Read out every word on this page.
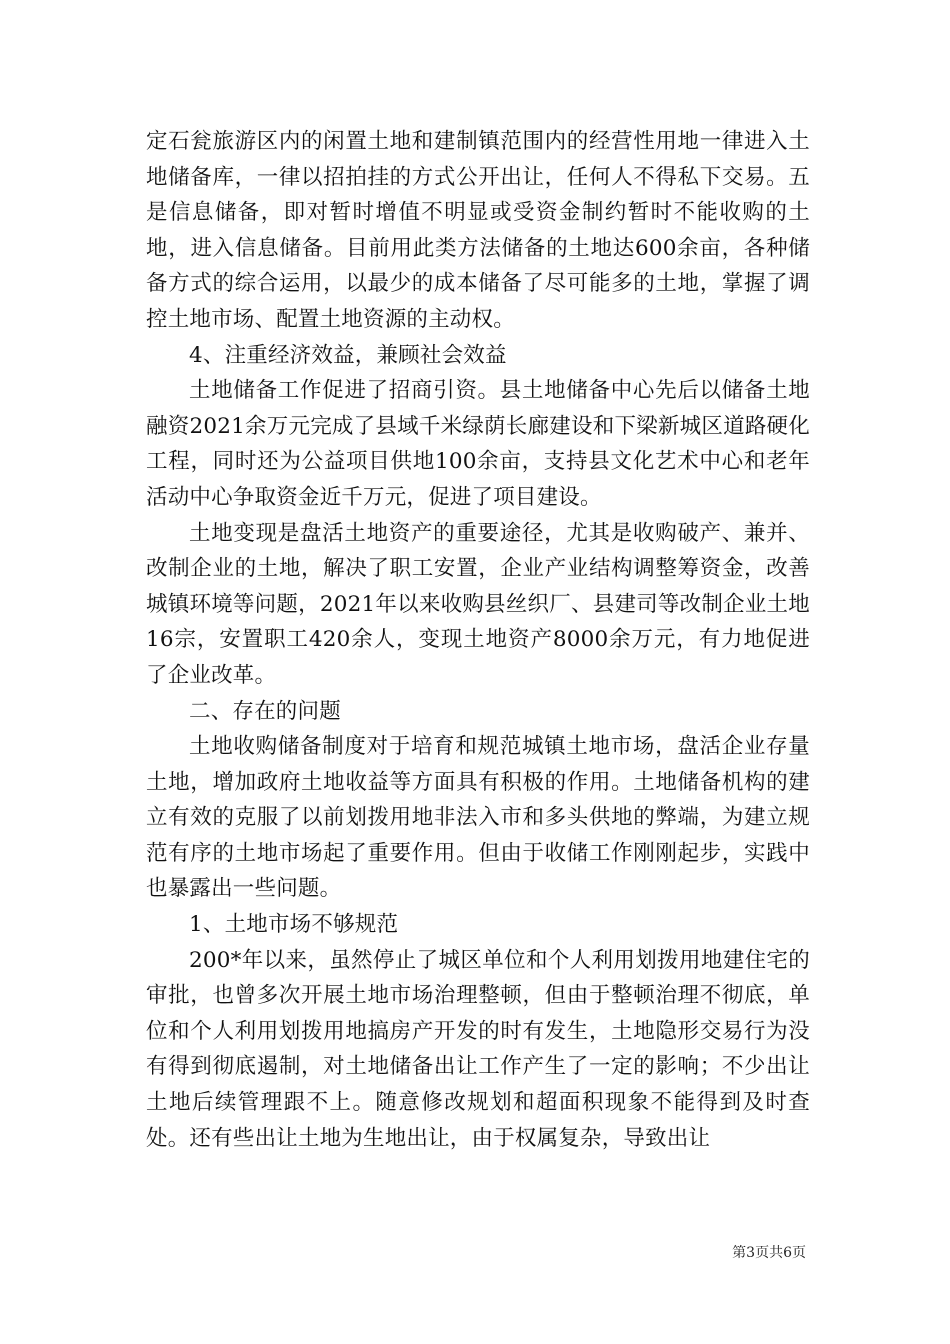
定石瓮旅游区内的闲置土地和建制镇范围内的经营性用地一律进入土地储备库，一律以招拍挂的方式公开出让，任何人不得私下交易。五是信息储备，即对暂时增值不明显或受资金制约暂时不能收购的土地，进入信息储备。目前用此类方法储备的土地达600余亩，各种储备方式的综合运用，以最少的成本储备了尽可能多的土地，掌握了调控土地市场、配置土地资源的主动权。

4、注重经济效益，兼顾社会效益

土地储备工作促进了招商引资。县土地储备中心先后以储备土地融资2021余万元完成了县域千米绿荫长廊建设和下梁新城区道路硬化工程，同时还为公益项目供地100余亩，支持县文化艺术中心和老年活动中心争取资金近千万元，促进了项目建设。

土地变现是盘活土地资产的重要途径，尤其是收购破产、兼并、改制企业的土地，解决了职工安置，企业产业结构调整筹资金，改善城镇环境等问题，2021年以来收购县丝织厂、县建司等改制企业土地16宗，安置职工420余人，变现土地资产8000余万元，有力地促进了企业改革。

二、存在的问题

土地收购储备制度对于培育和规范城镇土地市场，盘活企业存量土地，增加政府土地收益等方面具有积极的作用。土地储备机构的建立有效的克服了以前划拨用地非法入市和多头供地的弊端，为建立规范有序的土地市场起了重要作用。但由于收储工作刚刚起步，实践中也暴露出一些问题。

1、土地市场不够规范

200*年以来，虽然停止了城区单位和个人利用划拨用地建住宅的审批，也曾多次开展土地市场治理整顿，但由于整顿治理不彻底，单位和个人利用划拨用地搞房产开发的时有发生，土地隐形交易行为没有得到彻底遏制，对土地储备出让工作产生了一定的影响；不少出让土地后续管理跟不上。随意修改规划和超面积现象不能得到及时查处。还有些出让土地为生地出让，由于权属复杂，导致出让

第3页共6页
